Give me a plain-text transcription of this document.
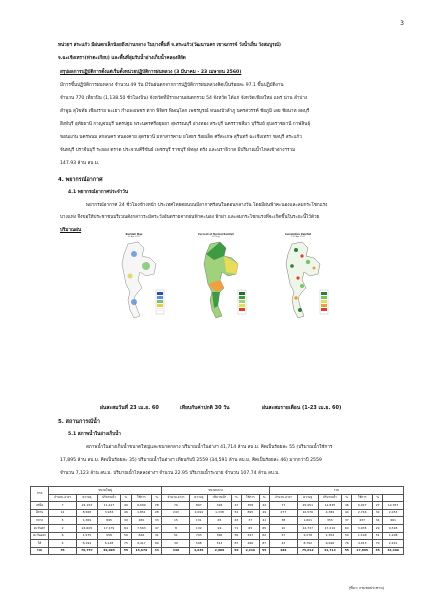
3
หน่วยฯ สระแก้ว มีฝนตกเล็กน้อยถึงปานกลาง ในบางพื้นที่ จ.สระแก้ว(วัฒนานคร เขาฉกรรจ์ วังน้ำเย็น วังสมบูรณ์)
จ.ฉะเชิงเทรา(ท่าตะเกียบ) และพื้นที่ลุ่มรับน้ำอ่างเก็บน้ำคลองสียัด
สรุปผลการปฏิบัติการตั้งแต่เริ่มตั้งหน่วยปฏิบัติการฝนหลวง (3 มีนาคม - 23 เมษายน 2560)
มีการขึ้นปฏิบัติการฝนหลวง จำนวน 49 วัน มีวันฝนตกจากการปฏิบัติการฝนหลวงคิดเป็นร้อยละ 97.1 ขึ้นปฏิบัติงาน
จำนวน 770 เที่ยวบิน (1,138.50 ชั่วโมงบิน) จังหวัดที่มีรายงานฝนตกรวม 54 จังหวัด ได้แก่ จังหวัดเชียงใหม่ แพร่ น่าน ลำปาง
ลำพูน สุโขทัย เชียงราย พะเยา กำแพงเพชร ตาก พิจิตร พิษณุโลก เพชรบูรณ์ หนองบัวลำภู นครสวรรค์ ชัยภูมิ เลย ชัยนาท ลพบุรี
สิงห์บุรี อุทัยธานี กาญจนบุรี นครปฐม พระนครศรีอยุธยา สุพรรณบุรี อ่างทอง สระบุรี นครราชสีมา บุรีรัมย์ อุบลราชธานี กาฬสินธุ์
ขอนแก่น นครพนม สกลนคร หนองคาย อุดรธานี มหาสารคาม ยโสธร ร้อยเอ็ด ศรีสะเกษ สุรินทร์ ฉะเชิงเทรา ชลบุรี สระแก้ว
จันทบุรี ปราจีนบุรี ระยอง ตราด ประจวบคีรีขันธ์ เพชรบุรี ราชบุรี พัทลุง ตรัง และนราธิวาส มีปริมาณน้ำไหลเข้าอ่างฯรวม
147.93 ล้าน ลบ.ม.
4. พยากรณ์อากาศ
4.1 พยากรณ์อากาศประจำวัน
พยากรณ์อากาศ 24 ชั่วโมงข้างหน้า ประเทศไทยตอนบนมีอากาศร้อนในตอนกลางวัน โดยมีฝนฟ้าคะนองและลมกระโชกแรง
บางแห่ง จึงขอให้ประชาชนบริเวณดังกล่าวระมัดระวังอันตรายจากฝนฟ้าคะนอง ฟ้าผ่า และลมกระโชกแรงที่จะเกิดขึ้นในระยะนี้ไว้ด้วย
ปริมาณฝน
Rainfall Map
23 Apr 2017
Percent of Normal Rainfall
30 Days
Cumulative Rainfall
1-23 Apr 2017
ฝนสะสมวันที่ 23 เม.ย. 60	เทียบกับค่าปกติ 30 วัน	ฝนสะสมรายเดือน (1-23 เม.ย. 60)
5. สถานการณ์น้ำ
5.1 สภาพน้ำในอ่างเก็บน้ำ
สภาพน้ำในอ่างเก็บน้ำขนาดใหญ่และขนาดกลาง ปริมาณน้ำในอ่างฯ 41,714 ล้าน ลบ.ม. คิดเป็นร้อยละ 55 (ปริมาณน้ำใช้การ
17,895 ล้าน ลบ.ม. คิดเป็นร้อยละ 35) ปริมาณน้ำในอ่างฯ เทียบกับปี 2559 (34,591 ล้าน ลบ.ม. คิดเป็นร้อยละ 46) มากกว่าปี 2559
จำนวน 7,123 ล้าน ลบ.ม. ปริมาณน้ำไหลลงอ่างฯ จำนวน 22.95 ปริมาณน้ำระบาย จำนวน 107.74 ล้าน ลบ.ม.
ภาค	ขนาดใหญ่						ขนาดกลาง						รวม						
	จำนวน อ่างฯ	ความจุ	ปริมาณน้ำ	%	ใช้การ	%	จำนวน อ่างฯ	ความจุ	ปริมาณน้ำ	%	ใช้การ	%	จำนวน อ่างฯ	ความจุ	ปริมาณน้ำ	%	ใช้การ	%	
เหนือ	7	24,153	11,417	46	6,699	28	70	897	318	47	358	42	77	25,051	11,835	46	6,927	27	12,357
อีสาน	12	8,568	3,933	46	1,851	28	243	2,094	1,338	52	895	49	277	10,576	4,389	44	2,746	32	2,053
กลาง	5	1,369	895	30	280	33	15	131	65	63	37	41	38	1,601	355	37	437	34	961
ตะวันตก	2	24,605	17,179	64	7,563	47	8	132	94	71	65	65	10	24,737	17,219	64	3,935	29	9,518
ตะวันออก	6	1,575	958	56	846	31	51	703	396	56	347	62	57	2,278	1,354	59	1,198	51	1,208
ใต้	4	8,194	6,128	75	4,417	69	39	598	513	87	496	87	43	8,762	6,946	76	4,913	70	2,241
รวม	35	70,757	39,095	55	15,679	33	449	4,635	2,909	56	2,216	55	482	75,012	41,714	55	17,895	35	33,499
(ที่มา: กรมชลประทาน)
